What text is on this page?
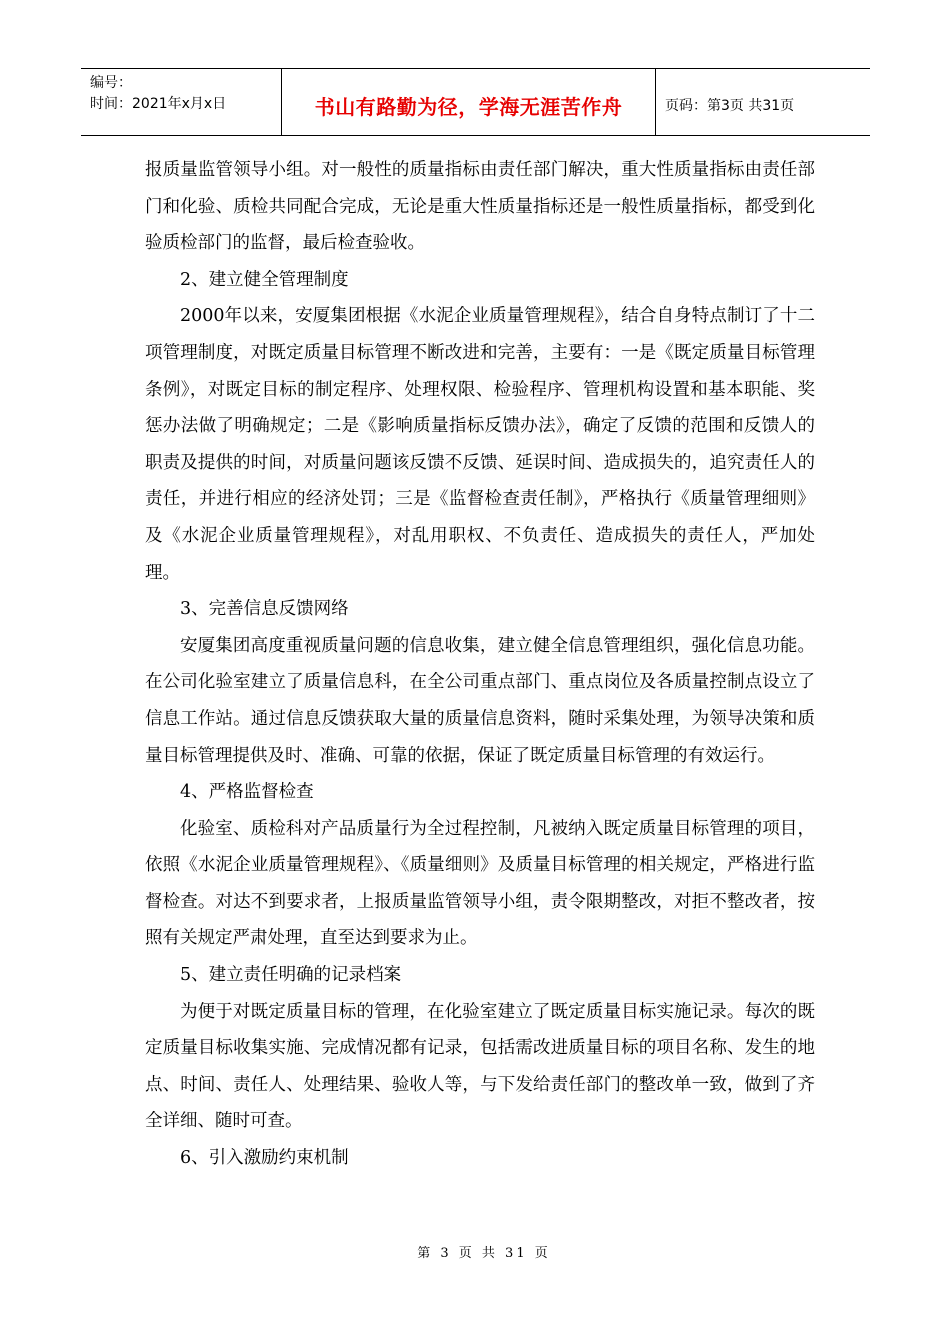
编号：
时间：2021年x月x日	书山有路勤为径，学海无涯苦作舟	页码：第3页 共31页

报质量监管领导小组。对一般性的质量指标由责任部门解决，重大性质量指标由责任部门和化验、质检共同配合完成，无论是重大性质量指标还是一般性质量指标，都受到化验质检部门的监督，最后检查验收。

2、建立健全管理制度

2000年以来，安厦集团根据《水泥企业质量管理规程》，结合自身特点制订了十二项管理制度，对既定质量目标管理不断改进和完善，主要有：一是《既定质量目标管理条例》，对既定目标的制定程序、处理权限、检验程序、管理机构设置和基本职能、奖惩办法做了明确规定；二是《影响质量指标反馈办法》，确定了反馈的范围和反馈人的职责及提供的时间，对质量问题该反馈不反馈、延误时间、造成损失的，追究责任人的责任，并进行相应的经济处罚；三是《监督检查责任制》，严格执行《质量管理细则》及《水泥企业质量管理规程》，对乱用职权、不负责任、造成损失的责任人，严加处理。

3、完善信息反馈网络

安厦集团高度重视质量问题的信息收集，建立健全信息管理组织，强化信息功能。在公司化验室建立了质量信息科，在全公司重点部门、重点岗位及各质量控制点设立了信息工作站。通过信息反馈获取大量的质量信息资料，随时采集处理，为领导决策和质量目标管理提供及时、准确、可靠的依据，保证了既定质量目标管理的有效运行。

4、严格监督检查

化验室、质检科对产品质量行为全过程控制，凡被纳入既定质量目标管理的项目，依照《水泥企业质量管理规程》、《质量细则》及质量目标管理的相关规定，严格进行监督检查。对达不到要求者，上报质量监管领导小组，责令限期整改，对拒不整改者，按照有关规定严肃处理，直至达到要求为止。

5、建立责任明确的记录档案

为便于对既定质量目标的管理，在化验室建立了既定质量目标实施记录。每次的既定质量目标收集实施、完成情况都有记录，包括需改进质量目标的项目名称、发生的地点、时间、责任人、处理结果、验收人等，与下发给责任部门的整改单一致，做到了齐全详细、随时可查。

6、引入激励约束机制

第 3 页 共 31 页
